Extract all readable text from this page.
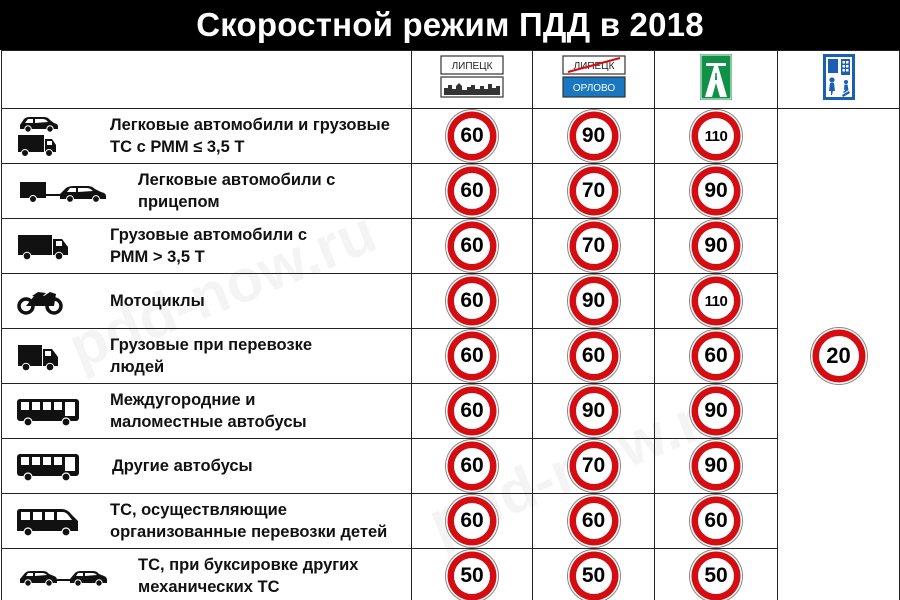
Скоростной режим ПДД в 2018

ЛИПЕЦК	ЛИПЕЦК
ОРЛОВО

Легковые автомобили и грузовые ТС с РММ ≤ 3,5 Т	60	90	110	20

Легковые автомобили с прицепом	60	70	90	

Грузовые автомобили с РММ > 3,5 Т	60	70	90	

Мотоциклы	60	90	110	

Грузовые при перевозке людей	60	60	60	

Междугородние и маломестные автобусы	60	90	90	

Другие автобусы	60	70	90	

ТС, осуществляющие организованные перевозки детей	60	60	60	

ТС, при буксировке других механических ТС	50	50	50	
